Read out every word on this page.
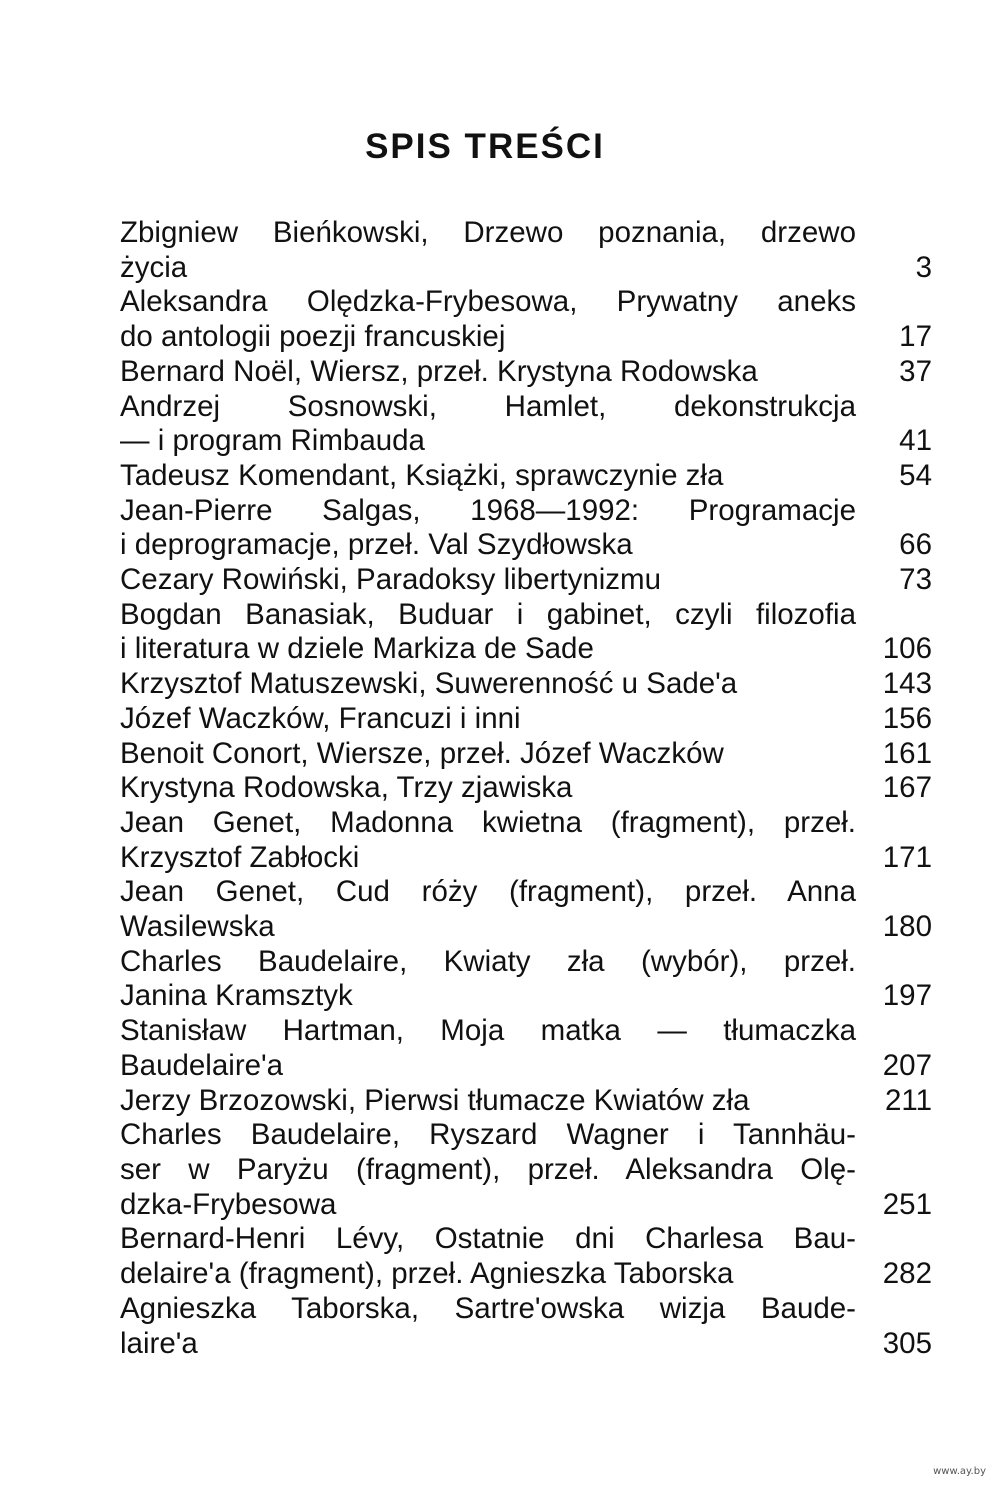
SPIS TREŚCI
Zbigniew Bieńkowski, Drzewo poznania, drzewo
życia	3
Aleksandra Olędzka-Frybesowa, Prywatny aneks
do antologii poezji francuskiej	17
Bernard Noël, Wiersz, przeł. Krystyna Rodowska	37
Andrzej Sosnowski, Hamlet, dekonstrukcja
— i program Rimbauda	41
Tadeusz Komendant, Książki, sprawczynie zła	54
Jean-Pierre Salgas, 1968—1992: Programacje
i deprogramacje, przeł. Val Szydłowska	66
Cezary Rowiński, Paradoksy libertynizmu	73
Bogdan Banasiak, Buduar i gabinet, czyli filozofia
i literatura w dziele Markiza de Sade	106
Krzysztof Matuszewski, Suwerenność u Sade'a	143
Józef Waczków, Francuzi i inni	156
Benoit Conort, Wiersze, przeł. Józef Waczków	161
Krystyna Rodowska, Trzy zjawiska	167
Jean Genet, Madonna kwietna (fragment), przeł.
Krzysztof Zabłocki	171
Jean Genet, Cud róży (fragment), przeł. Anna
Wasilewska	180
Charles Baudelaire, Kwiaty zła (wybór), przeł.
Janina Kramsztyk	197
Stanisław Hartman, Moja matka — tłumaczka
Baudelaire'a	207
Jerzy Brzozowski, Pierwsi tłumacze Kwiatów zła	211
Charles Baudelaire, Ryszard Wagner i Tannhäu-
ser w Paryżu (fragment), przeł. Aleksandra Olę-
dzka-Frybesowa	251
Bernard-Henri Lévy, Ostatnie dni Charlesa Bau-
delaire'a (fragment), przeł. Agnieszka Taborska	282
Agnieszka Taborska, Sartre'owska wizja Baude-
laire'a	305
www.ay.by
